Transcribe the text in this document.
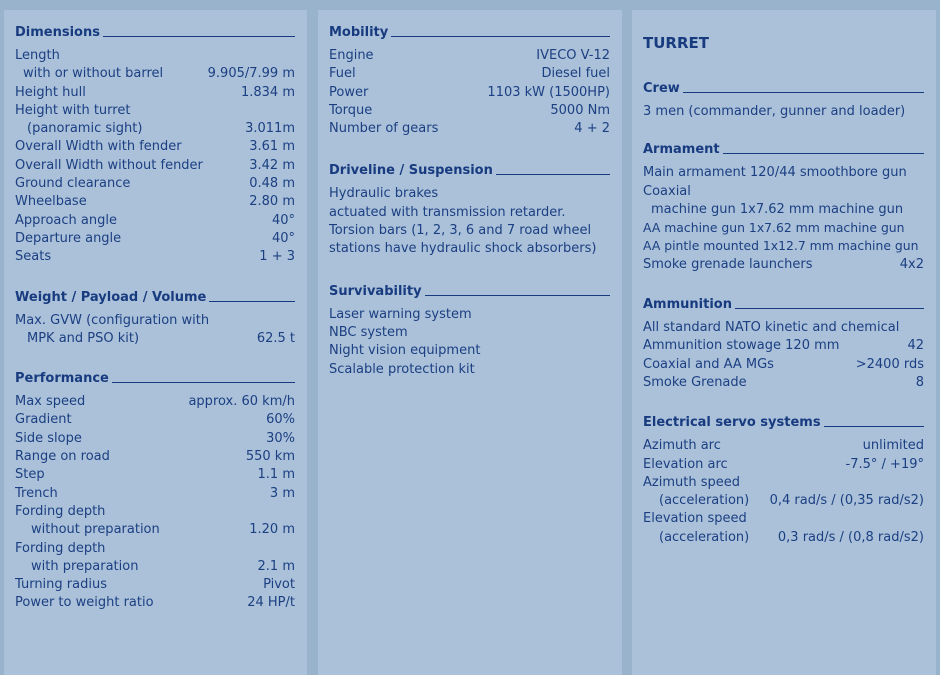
Dimensions
Length
with or without barrel	9.905/7.99 m
Height hull	1.834 m
Height with turret
(panoramic sight)	3.011m
Overall Width with fender	3.61 m
Overall Width without fender	3.42 m
Ground clearance	0.48 m
Wheelbase	2.80 m
Approach angle	40°
Departure angle	40°
Seats	1 + 3
Weight / Payload / Volume
Max. GVW (configuration with
MPK and PSO kit)	62.5 t
Performance
Max speed	approx. 60 km/h
Gradient	60%
Side slope	30%
Range on road	550 km
Step	1.1 m
Trench	3 m
Fording depth
without preparation	1.20 m
Fording depth
with preparation	2.1 m
Turning radius	Pivot
Power to weight ratio	24 HP/t
Mobility
Engine	IVECO V-12
Fuel	Diesel fuel
Power	1103 kW (1500HP)
Torque	5000 Nm
Number of gears	4 + 2
Driveline / Suspension
Hydraulic brakes
actuated with transmission retarder.
Torsion bars (1, 2, 3, 6 and 7 road wheel
stations have hydraulic shock absorbers)
Survivability
Laser warning system
NBC system
Night vision equipment
Scalable protection kit
TURRET
Crew
3 men (commander, gunner and loader)
Armament
Main armament 120/44 smoothbore gun
Coaxial
machine gun 1x7.62 mm machine gun
AA machine gun 1x7.62 mm machine gun
AA pintle mounted 1x12.7 mm machine gun
Smoke grenade launchers	4x2
Ammunition
All standard NATO kinetic and chemical
Ammunition stowage 120 mm	42
Coaxial and AA MGs	>2400 rds
Smoke Grenade	8
Electrical servo systems
Azimuth arc	unlimited
Elevation arc	-7.5° / +19°
Azimuth speed
(acceleration)	0,4 rad/s / (0,35 rad/s2)
Elevation speed
(acceleration)	0,3 rad/s / (0,8 rad/s2)
